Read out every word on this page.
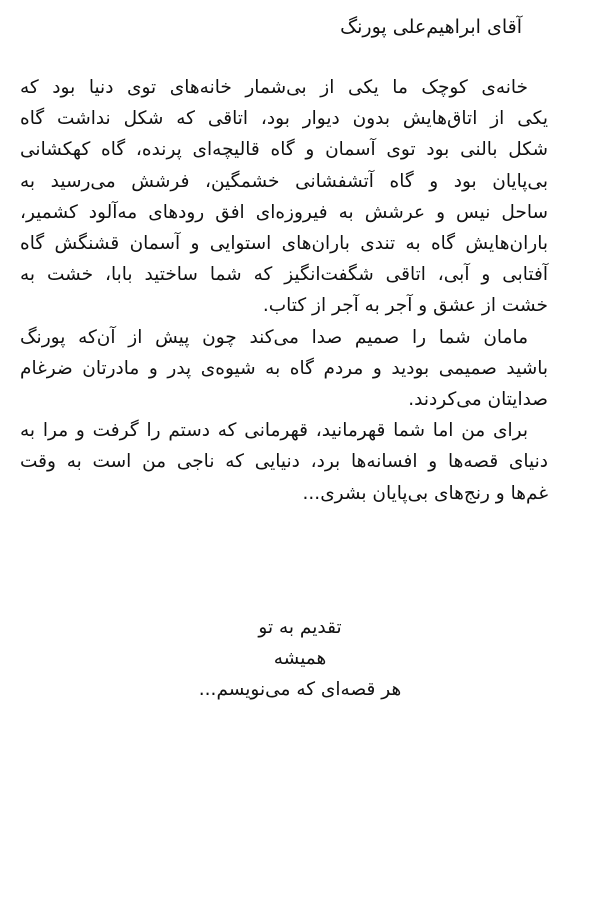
آقای ابراهیم‌علی پورنگ
خانه‌ی کوچک ما یکی از بی‌شمار خانه‌های توی دنیا بود که
یکی از اتاق‌هایش بدون دیوار بود، اتاقی که شکل نداشت گاه
شکل بالنی بود توی آسمان و گاه قالیچه‌ای پرنده، گاه کهکشانی
بی‌پایان بود و گاه آتشفشانی خشمگین، فرشش می‌رسید به
ساحل نیس و عرشش به فیروزه‌ای افق رودهای مه‌آلود کشمیر،
باران‌هایش گاه به تندی باران‌های استوایی و آسمان قشنگش گاه
آفتابی و آبی، اتاقی شگفت‌انگیز که شما ساختید بابا، خشت به
خشت از عشق و آجر به آجر از کتاب.
مامان شما را صمیم صدا می‌کند چون پیش از آن‌که پورنگ
باشید صمیمی بودید و مردم گاه به شیوه‌ی پدر و مادرتان ضرغام
صدایتان می‌کردند.
برای من اما شما قهرمانید، قهرمانی که دستم را گرفت و مرا به
دنیای قصه‌ها و افسانه‌ها برد، دنیایی که ناجی من است به وقت
غم‌ها و رنج‌های بی‌پایان بشری...
تقدیم به تو
همیشه
هر قصه‌ای که می‌نویسم...
